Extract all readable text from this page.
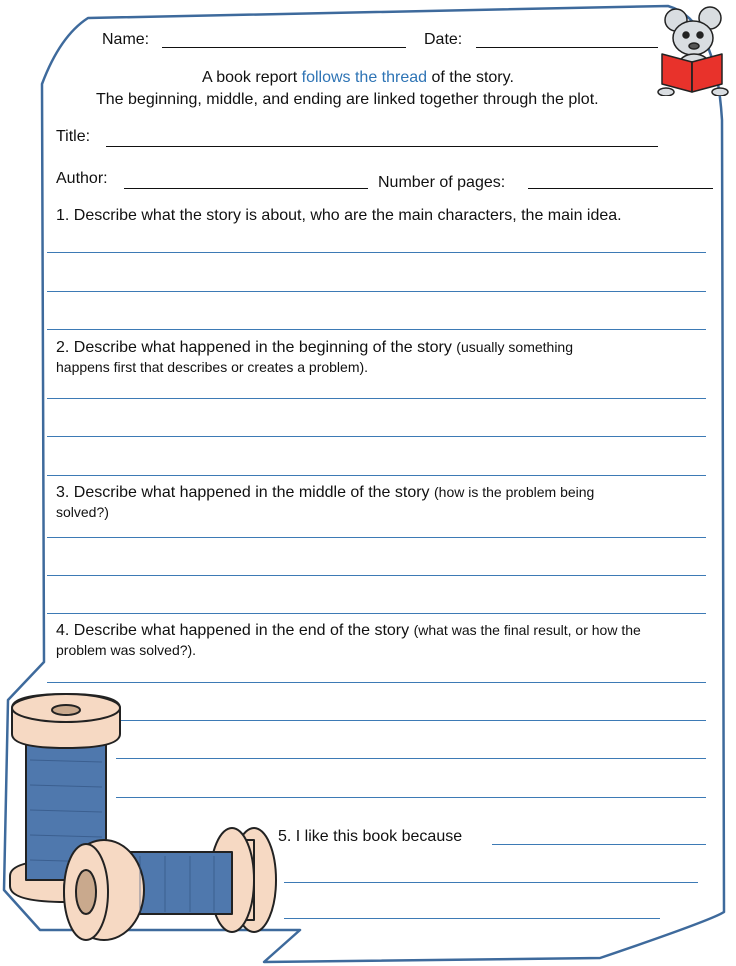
Name:	Date:
A book report follows the thread of the story.
The beginning, middle, and ending are linked together through the plot.
Title:
Author:	Number of pages:
1. Describe what the story is about, who are the main characters, the main idea.
2. Describe what happened in the beginning of the story (usually something
happens first that describes or creates a problem).
3. Describe what happened in the middle of the story (how is the problem being
solved?)
4. Describe what happened in the end of the story (what was the final result, or how the
problem was solved?).
5. I like this book because
